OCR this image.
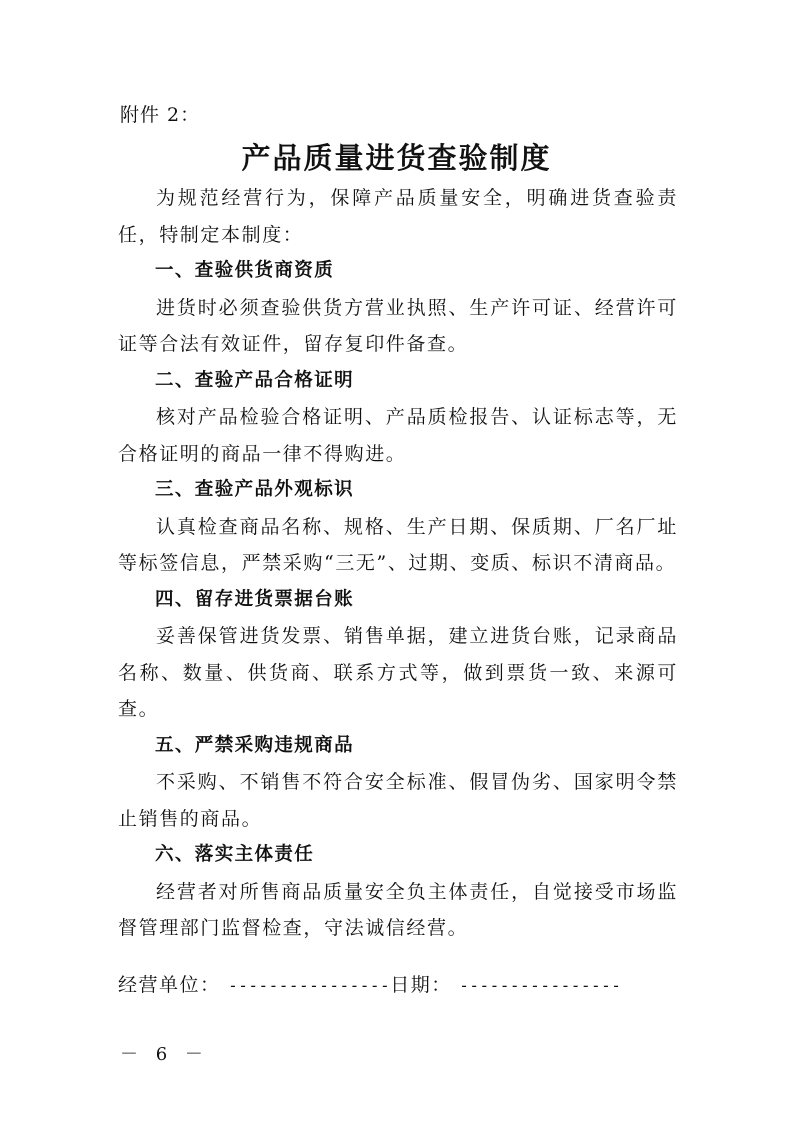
附件 2：
产品质量进货查验制度

为规范经营行为，保障产品质量安全，明确进货查验责任，特制定本制度：

一、查验供货商资质

进货时必须查验供货方营业执照、生产许可证、经营许可证等合法有效证件，留存复印件备查。

二、查验产品合格证明

核对产品检验合格证明、产品质检报告、认证标志等，无合格证明的商品一律不得购进。

三、查验产品外观标识

认真检查商品名称、规格、生产日期、保质期、厂名厂址等标签信息，严禁采购“三无”、过期、变质、标识不清商品。

四、留存进货票据台账

妥善保管进货发票、销售单据，建立进货台账，记录商品名称、数量、供货商、联系方式等，做到票货一致、来源可查。

五、严禁采购违规商品

不采购、不销售不符合安全标准、假冒伪劣、国家明令禁止销售的商品。

六、落实主体责任

经营者对所售商品质量安全负主体责任，自觉接受市场监督管理部门监督检查，守法诚信经营。

经营单位： ----------------日期： ----------------
－ 6 －
